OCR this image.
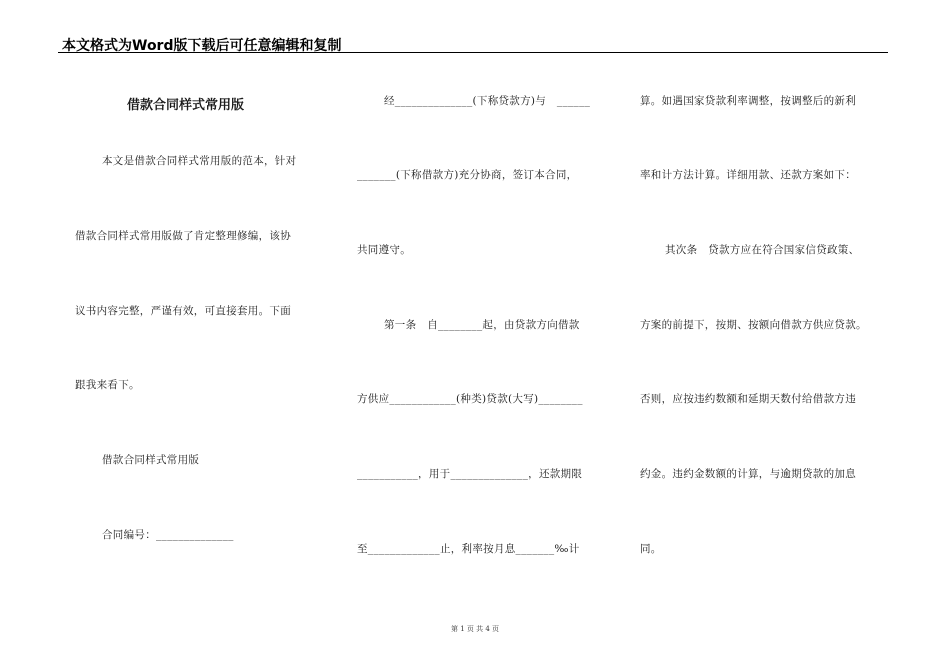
本文格式为Word版下载后可任意编辑和复制
借款合同样式常用版
本文是借款合同样式常用版的范本，针对
借款合同样式常用版做了肯定整理修编，该协
议书内容完整，严谨有效，可直接套用。下面
跟我来看下。
借款合同样式常用版
合同编号：______________
经______________(下称贷款方)与　______
_______(下称借款方)充分协商，签订本合同，
共同遵守。
第一条　自________起，由贷款方向借款
方供应____________(种类)贷款(大写)________
___________，用于______________，还款期限
至_____________止，利率按月息_______‰计
算。如遇国家贷款利率调整，按调整后的新利
率和计方法计算。详细用款、还款方案如下：
其次条　贷款方应在符合国家信贷政策、
方案的前提下，按期、按额向借款方供应贷款。
否则，应按违约数额和延期天数付给借款方违
约金。违约金数额的计算，与逾期贷款的加息
同。
第 1 页 共 4 页
